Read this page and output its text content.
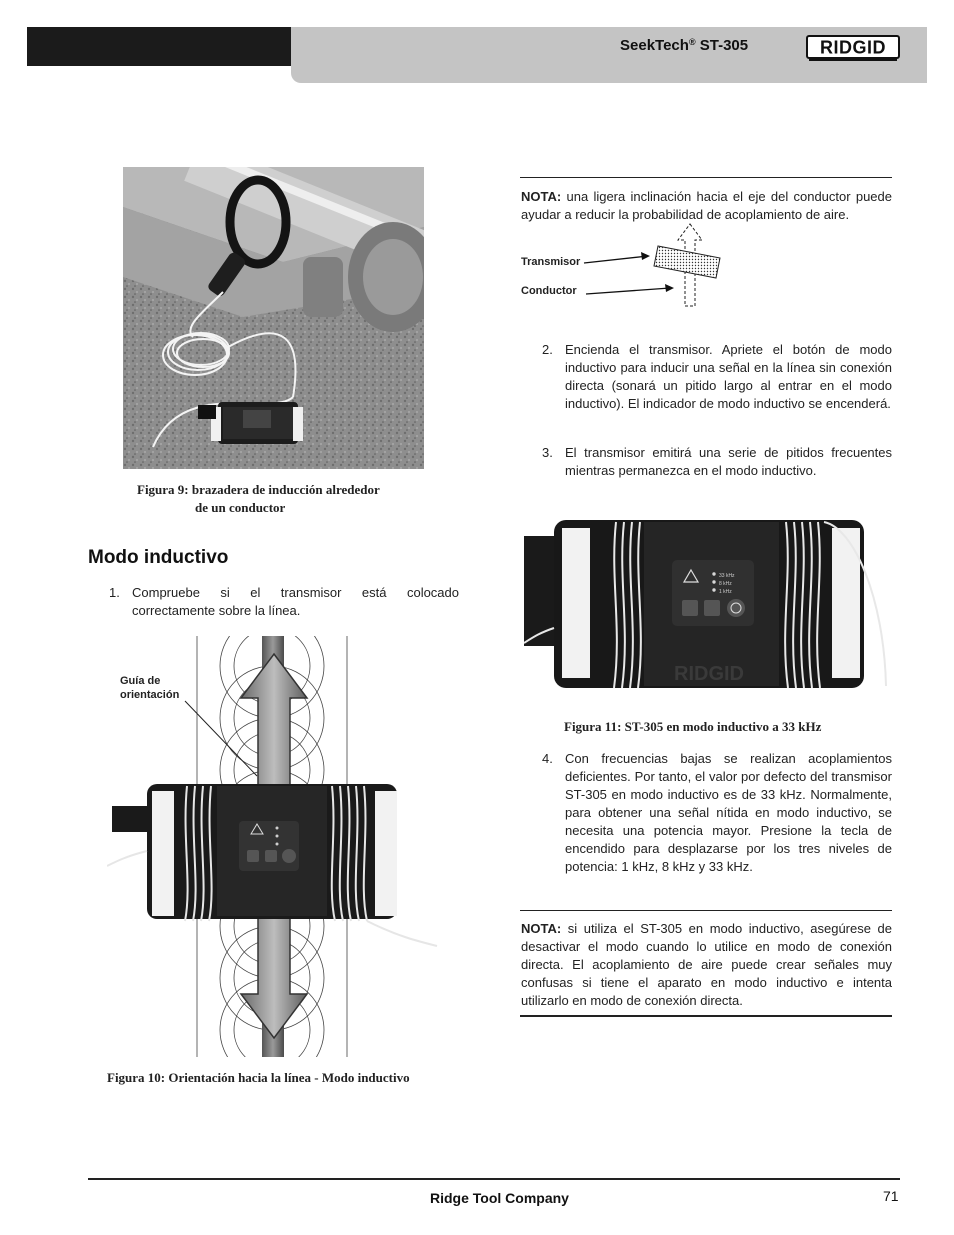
SeekTech® ST-305	RIDGID
Figura 9: brazadera de inducción alrededor
de un conductor
Modo inductivo
1. Compruebe si el transmisor está colocado correctamente sobre la línea.
Guía de
orientación
Figura 10: Orientación hacia la línea - Modo inductivo
NOTA: una ligera inclinación hacia el eje del conductor puede ayudar a reducir la probabilidad de acoplamiento de aire.
Transmisor
Conductor
2. Encienda el transmisor. Apriete el botón de modo inductivo para inducir una señal en la línea sin conexión directa (sonará un pitido largo al entrar en el modo inductivo). El indicador de modo inductivo se encenderá.
3. El transmisor emitirá una serie de pitidos frecuentes mientras permanezca en el modo inductivo.
33 kHz
8 kHz
1 kHz
RIDGID
Figura 11: ST-305 en modo inductivo a 33 kHz
4. Con frecuencias bajas se realizan acoplamientos deficientes. Por tanto, el valor por defecto del transmisor ST-305 en modo inductivo es de 33 kHz. Normalmente, para obtener una señal nítida en modo inductivo, se necesita una potencia mayor. Presione la tecla de encendido para desplazarse por los tres niveles de potencia: 1 kHz, 8 kHz y 33 kHz.
NOTA: si utiliza el ST-305 en modo inductivo, asegúrese de desactivar el modo cuando lo utilice en modo de conexión directa. El acoplamiento de aire puede crear señales muy confusas si tiene el aparato en modo inductivo e intenta utilizarlo en modo de conexión directa.
Ridge Tool Company	71
